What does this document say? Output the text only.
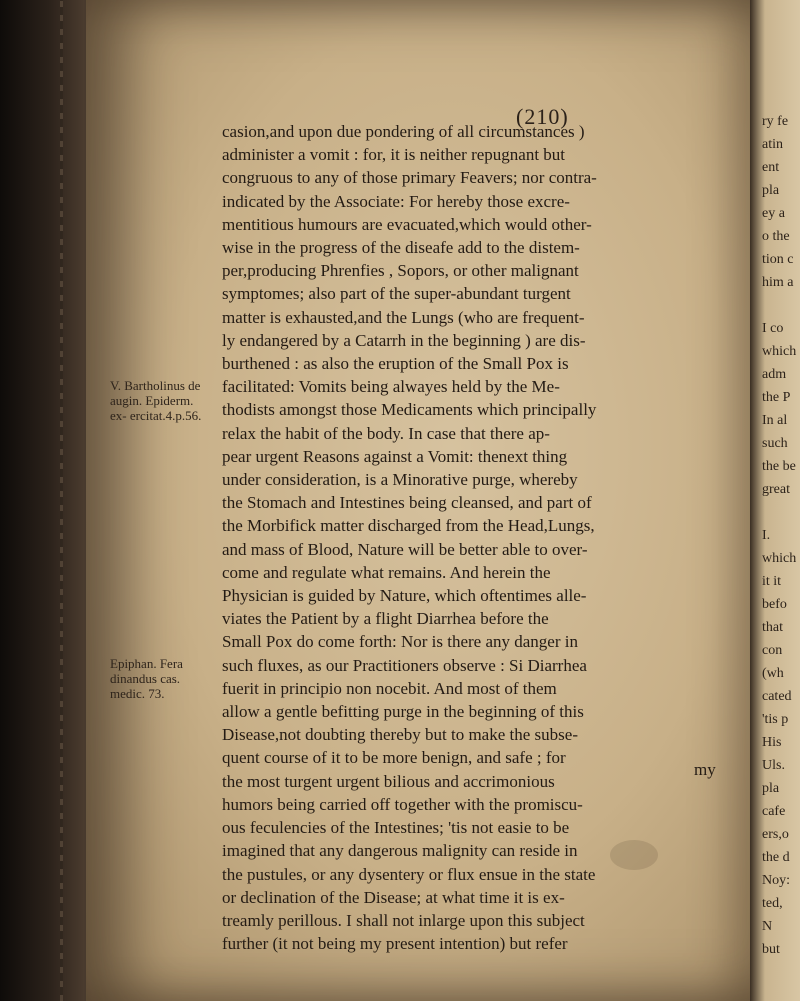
(210)
V. Bartholinus de augin. Epiderm. ex- ercitat.4.p.56.
Epiphan. Fera dinandus cas. medic. 73.
casion,and upon due pondering of all circumstances )
administer a vomit : for, it is neither repugnant but
congruous to any of those primary Feavers; nor contra-
indicated by the Associate: For hereby those excre-
mentitious humours are evacuated,which would other-
wise in the progress of the diseafe add to the distem-
per,producing Phrenfies , Sopors, or other malignant
symptomes; also part of the super-abundant turgent
matter is exhausted,and the Lungs (who are frequent-
ly endangered by a Catarrh in the beginning ) are dis-
burthened : as also the eruption of the Small Pox is
facilitated: Vomits being alwayes held by the Me-
thodists amongst those Medicaments which principally
relax the habit of the body. In case that there ap-
pear urgent Reasons against a Vomit: thenext thing
under consideration, is a Minorative purge, whereby
the Stomach and Intestines being cleansed, and part of
the Morbifick matter discharged from the Head,Lungs,
and mass of Blood, Nature will be better able to over-
come and regulate what remains. And herein the
Physician is guided by Nature, which oftentimes alle-
viates the Patient by a flight Diarrhea before the
Small Pox do come forth: Nor is there any danger in
such fluxes, as our Practitioners observe : Si Diarrhea
fuerit in principio non nocebit. And most of them
allow a gentle befitting purge in the beginning of this
Disease,not doubting thereby but to make the subse-
quent course of it to be more benign, and safe ; for
the most turgent urgent bilious and accrimonious
humors being carried off together with the promiscu-
ous feculencies of the Intestines; 'tis not easie to be
imagined that any dangerous malignity can reside in
the pustules, or any dysentery or flux ensue in the state
or declination of the Disease; at what time it is ex-
treamly perillous. I shall not inlarge upon this subject
further (it not being my present intention) but refer
my
ry fe
atin
ent
pla
ey a
o the
tion c
him a
I co
which
adm
the P
In al
such
the be
great
I.
which
it it
befo
that
con
(wh
cated
'tis p
His
Uls.
pla
cafe
ers,o
the d
Noy:
ted,
N
but
